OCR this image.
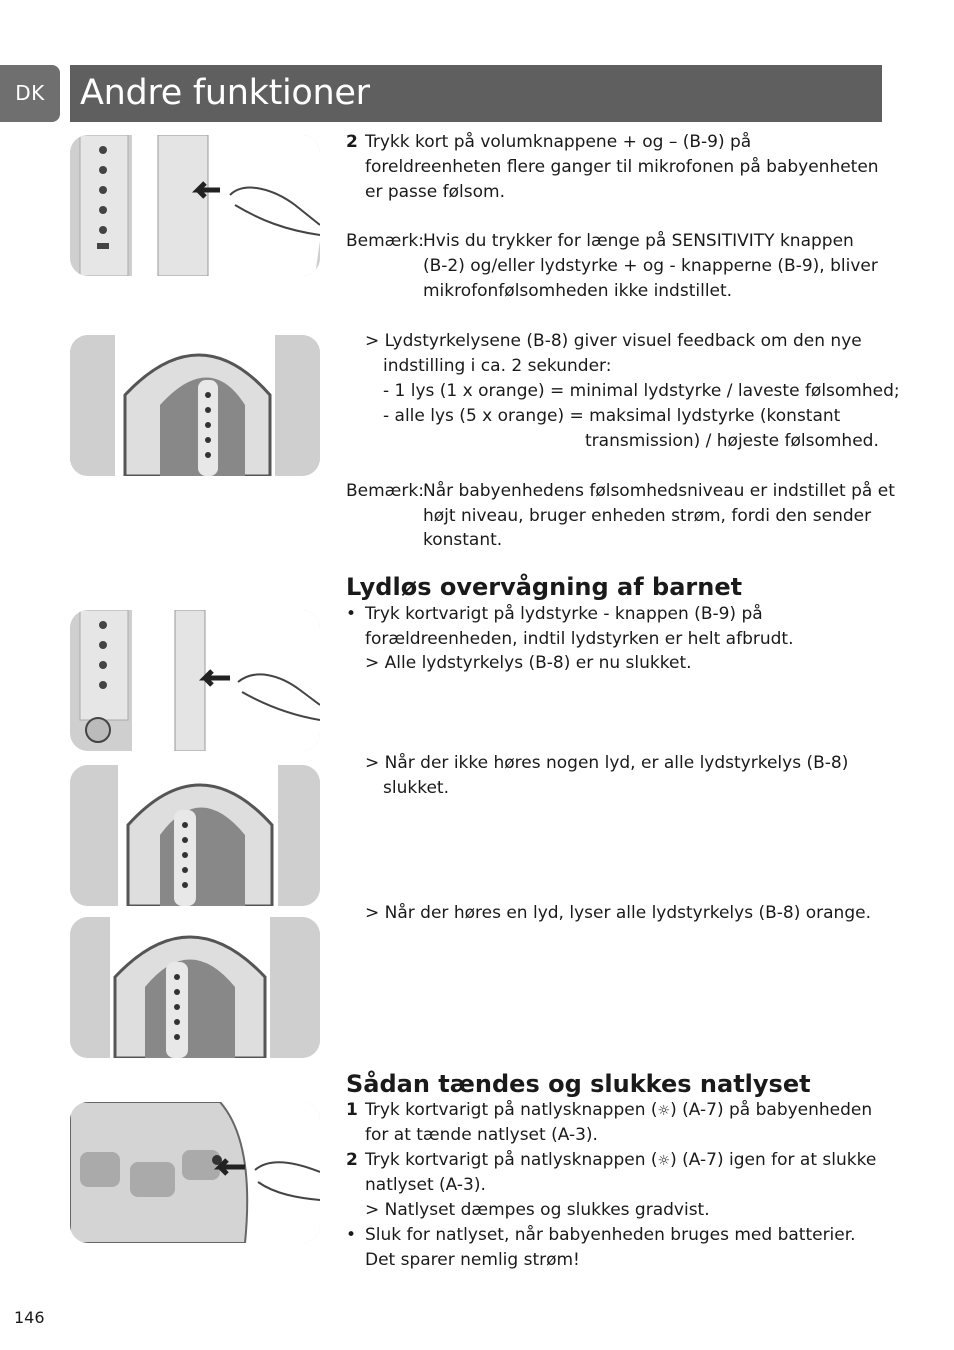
DK	Andre funktioner
2 Trykk kort på volumknappene + og – (B-9) på
foreldreenheten flere ganger til mikrofonen på babyenheten
er passe følsom.
Bemærk: Hvis du trykker for længe på SENSITIVITY knappen
(B-2) og/eller lydstyrke + og - knapperne (B-9), bliver
mikrofonfølsomheden ikke indstillet.
> Lydstyrkelysene (B-8) giver visuel feedback om den nye
indstilling i ca. 2 sekunder:
- 1 lys (1 x orange) = minimal lydstyrke / laveste følsomhed;
- alle lys (5 x orange) = maksimal lydstyrke (konstant
transmission) / højeste følsomhed.
Bemærk: Når babyenhedens følsomhedsniveau er indstillet på et
højt niveau, bruger enheden strøm, fordi den sender
konstant.
Lydløs overvågning af barnet
• Tryk kortvarigt på lydstyrke - knappen (B-9) på
forældreenheden, indtil lydstyrken er helt afbrudt.
> Alle lydstyrkelys (B-8) er nu slukket.
> Når der ikke høres nogen lyd, er alle lydstyrkelys (B-8)
slukket.
> Når der høres en lyd, lyser alle lydstyrkelys (B-8) orange.
Sådan tændes og slukkes natlyset
1 Tryk kortvarigt på natlysknappen (☼) (A-7) på babyenheden
for at tænde natlyset (A-3).
2 Tryk kortvarigt på natlysknappen (☼) (A-7) igen for at slukke
natlyset (A-3).
> Natlyset dæmpes og slukkes gradvist.
• Sluk for natlyset, når babyenheden bruges med batterier.
Det sparer nemlig strøm!
146
